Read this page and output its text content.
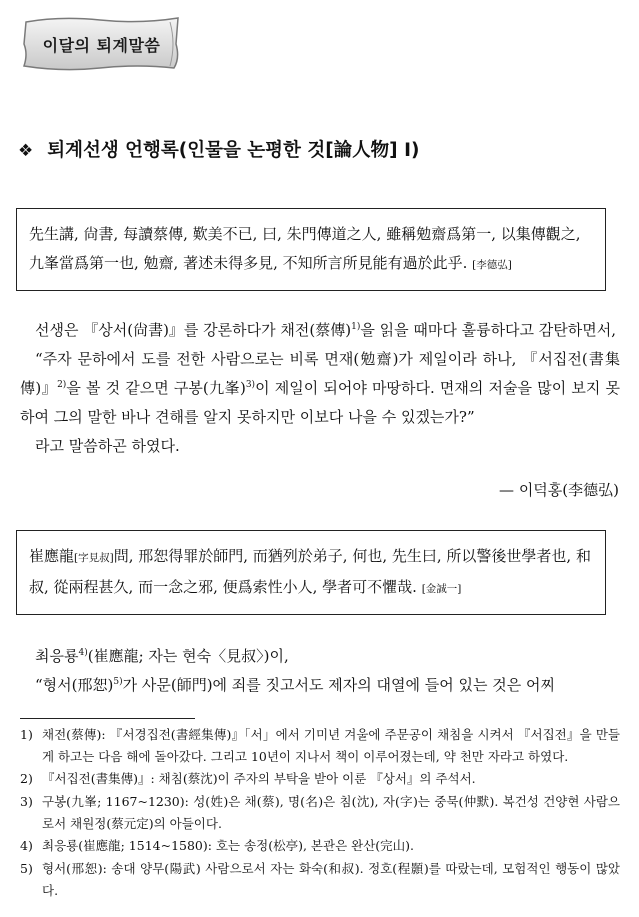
이달의 퇴계말씀
❖ 퇴계선생 언행록(인물을 논평한 것[論人物] Ⅰ)
先生講, 尙書, 每讀蔡傳, 歎美不已, 曰, 朱門傳道之人, 雖稱勉齋爲第一, 以集傳觀之, 九峯當爲第一也, 勉齋, 著述未得多見, 不知所言所見能有過於此乎. [李德弘]
선생은 『상서(尙書)』를 강론하다가 채전(蔡傳)$^{1)}$을 읽을 때마다 훌륭하다고 감탄하면서,
“주자 문하에서 도를 전한 사람으로는 비록 면재(勉齋)가 제일이라 하나, 『서집전(書集傳)』$^{2)}$을 볼 것 같으면 구봉(九峯)$^{3)}$이 제일이 되어야 마땅하다. 면재의 저술을 많이 보지 못하여 그의 말한 바나 견해를 알지 못하지만 이보다 나을 수 있겠는가?”
라고 말씀하곤 하였다.
— 이덕홍(李德弘)
崔應龍[字見叔]問, 邢恕得罪於師門, 而猶列於弟子, 何也, 先生曰, 所以警後世學者也, 和叔, 從兩程甚久, 而一念之邪, 便爲索性小人, 學者可不懼哉. [金誠一]
최응룡$^{4)}$(崔應龍; 자는 현숙〈見叔〉)이,
“형서(邢恕)$^{5)}$가 사문(師門)에 죄를 짓고서도 제자의 대열에 들어 있는 것은 어찌
1) 채전(蔡傳): 『서경집전(書經集傳)』「서」에서 기미년 겨울에 주문공이 채침을 시켜서 『서집전』을 만들게 하고는 다음 해에 돌아갔다. 그리고 10년이 지나서 책이 이루어졌는데, 약 천만 자라고 하였다.
2) 『서집전(書集傳)』: 채침(蔡沈)이 주자의 부탁을 받아 이룬 『상서』의 주석서.
3) 구봉(九峯; 1167~1230): 성(姓)은 채(蔡), 명(名)은 침(沈), 자(字)는 중묵(仲默). 복건성 건양현 사람으로서 채원정(蔡元定)의 아들이다.
4) 최응룡(崔應龍; 1514~1580): 호는 송정(松亭), 본관은 완산(完山).
5) 형서(邢恕): 송대 양무(陽武) 사람으로서 자는 화숙(和叔). 정호(程顥)를 따랐는데, 모험적인 행동이 많았다.
